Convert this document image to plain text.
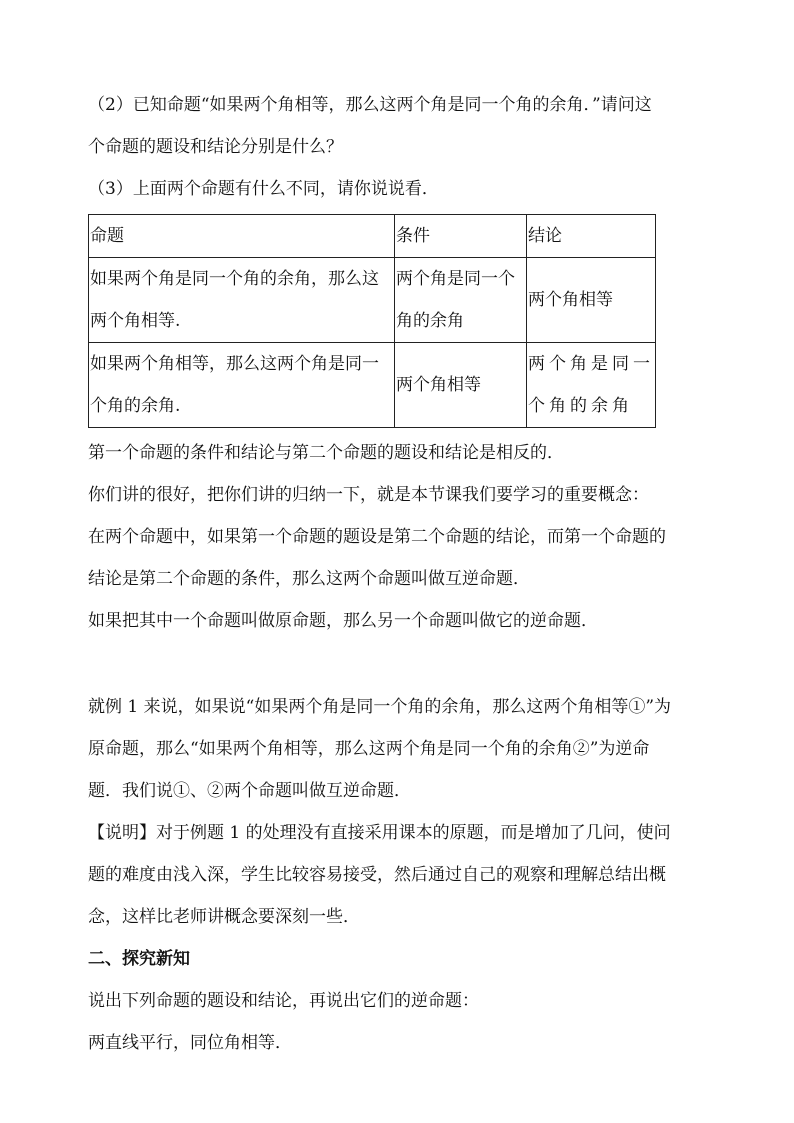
（2）已知命题“如果两个角相等，那么这两个角是同一个角的余角．”请问这

个命题的题设和结论分别是什么？

（3）上面两个命题有什么不同，请你说说看．

命题	条件	结论
如果两个角是同一个角的余角，那么这两个角相等.	两个角是同一个角的余角	两个角相等
如果两个角相等，那么这两个角是同一个角的余角.	两个角相等	两个角是同一个角的余角

第一个命题的条件和结论与第二个命题的题设和结论是相反的．

你们讲的很好，把你们讲的归纳一下，就是本节课我们要学习的重要概念：

在两个命题中，如果第一个命题的题设是第二个命题的结论，而第一个命题的

结论是第二个命题的条件，那么这两个命题叫做互逆命题．

如果把其中一个命题叫做原命题，那么另一个命题叫做它的逆命题．

就例 1 来说，如果说“如果两个角是同一个角的余角，那么这两个角相等①”为

原命题，那么“如果两个角相等，那么这两个角是同一个角的余角②”为逆命

题．我们说①、②两个命题叫做互逆命题．

【说明】对于例题 1 的处理没有直接采用课本的原题，而是增加了几问，使问

题的难度由浅入深，学生比较容易接受，然后通过自己的观察和理解总结出概

念，这样比老师讲概念要深刻一些．

二、探究新知

说出下列命题的题设和结论，再说出它们的逆命题：

两直线平行，同位角相等．
